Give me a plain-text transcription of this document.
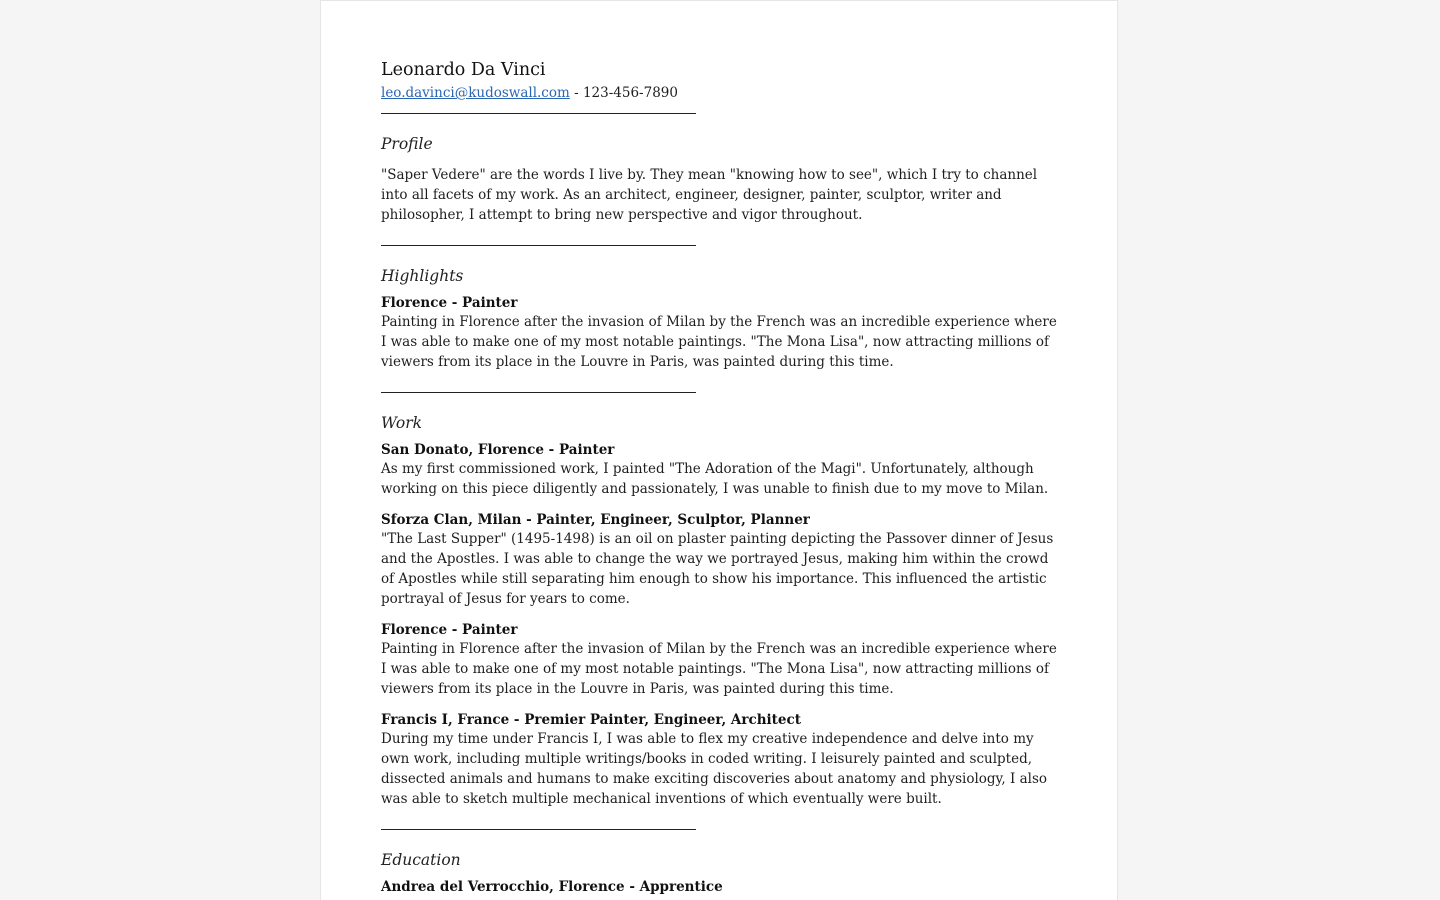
Leonardo Da Vinci

leo.davinci@kudoswall.com - 123-456-7890

Profile

"Saper Vedere" are the words I live by. They mean "knowing how to see", which I try to channel into all facets of my work. As an architect, engineer, designer, painter, sculptor, writer and philosopher, I attempt to bring new perspective and vigor throughout.

Highlights

Florence - Painter

Painting in Florence after the invasion of Milan by the French was an incredible experience where I was able to make one of my most notable paintings. "The Mona Lisa", now attracting millions of viewers from its place in the Louvre in Paris, was painted during this time.

Work

San Donato, Florence - Painter

As my first commissioned work, I painted "The Adoration of the Magi". Unfortunately, although working on this piece diligently and passionately, I was unable to finish due to my move to Milan.

Sforza Clan, Milan - Painter, Engineer, Sculptor, Planner

"The Last Supper" (1495-1498) is an oil on plaster painting depicting the Passover dinner of Jesus and the Apostles. I was able to change the way we portrayed Jesus, making him within the crowd of Apostles while still separating him enough to show his importance. This influenced the artistic portrayal of Jesus for years to come.

Florence - Painter

Painting in Florence after the invasion of Milan by the French was an incredible experience where I was able to make one of my most notable paintings. "The Mona Lisa", now attracting millions of viewers from its place in the Louvre in Paris, was painted during this time.

Francis I, France - Premier Painter, Engineer, Architect

During my time under Francis I, I was able to flex my creative independence and delve into my own work, including multiple writings/books in coded writing. I leisurely painted and sculpted, dissected animals and humans to make exciting discoveries about anatomy and physiology, I also was able to sketch multiple mechanical inventions of which eventually were built.

Education

Andrea del Verrocchio, Florence - Apprentice
